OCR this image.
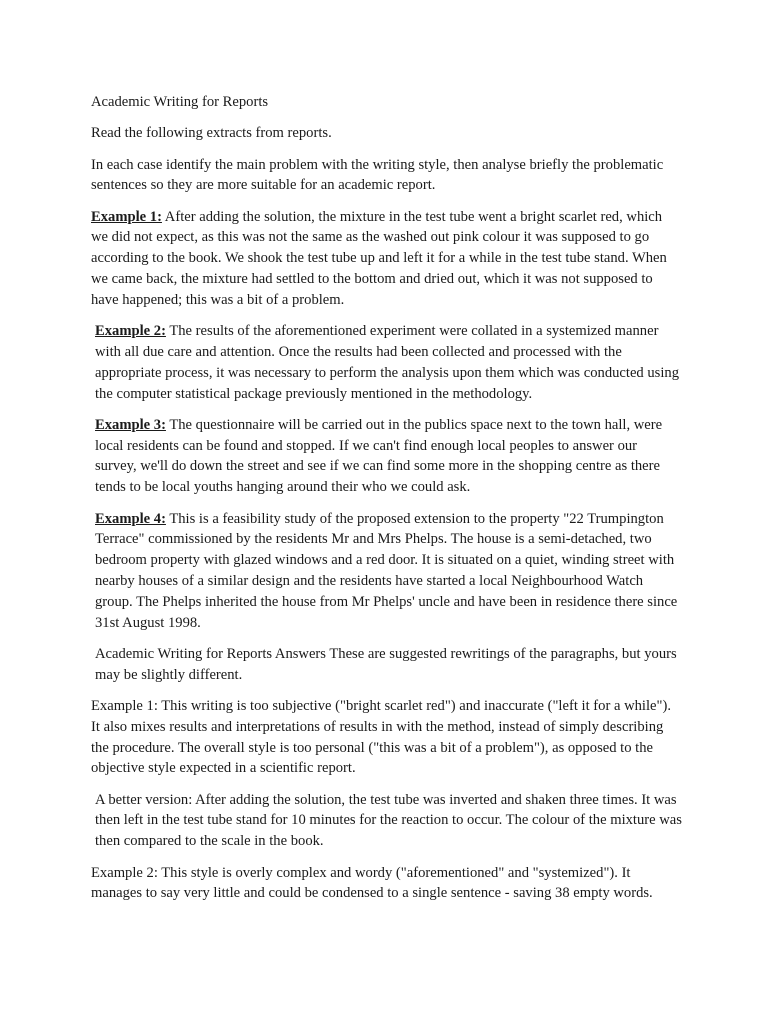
Academic Writing for Reports

Read the following extracts from reports.

In each case identify the main problem with the writing style, then analyse briefly the problematic sentences so they are more suitable for an academic report.

Example 1: After adding the solution, the mixture in the test tube went a bright scarlet red, which we did not expect, as this was not the same as the washed out pink colour it was supposed to go according to the book. We shook the test tube up and left it for a while in the test tube stand. When we came back, the mixture had settled to the bottom and dried out, which it was not supposed to have happened; this was a bit of a problem.

Example 2: The results of the aforementioned experiment were collated in a systemized manner with all due care and attention. Once the results had been collected and processed with the appropriate process, it was necessary to perform the analysis upon them which was conducted using the computer statistical package previously mentioned in the methodology.

Example 3: The questionnaire will be carried out in the publics space next to the town hall, were local residents can be found and stopped. If we can't find enough local peoples to answer our survey, we'll do down the street and see if we can find some more in the shopping centre as there tends to be local youths hanging around their who we could ask.

Example 4: This is a feasibility study of the proposed extension to the property "22 Trumpington Terrace" commissioned by the residents Mr and Mrs Phelps. The house is a semi-detached, two bedroom property with glazed windows and a red door. It is situated on a quiet, winding street with nearby houses of a similar design and the residents have started a local Neighbourhood Watch group. The Phelps inherited the house from Mr Phelps' uncle and have been in residence there since 31st August 1998.

Academic Writing for Reports Answers These are suggested rewritings of the paragraphs, but yours may be slightly different.

Example 1: This writing is too subjective ("bright scarlet red") and inaccurate ("left it for a while"). It also mixes results and interpretations of results in with the method, instead of simply describing the procedure. The overall style is too personal ("this was a bit of a problem"), as opposed to the objective style expected in a scientific report.

A better version: After adding the solution, the test tube was inverted and shaken three times. It was then left in the test tube stand for 10 minutes for the reaction to occur. The colour of the mixture was then compared to the scale in the book.

Example 2: This style is overly complex and wordy ("aforementioned" and "systemized"). It manages to say very little and could be condensed to a single sentence - saving 38 empty words.
